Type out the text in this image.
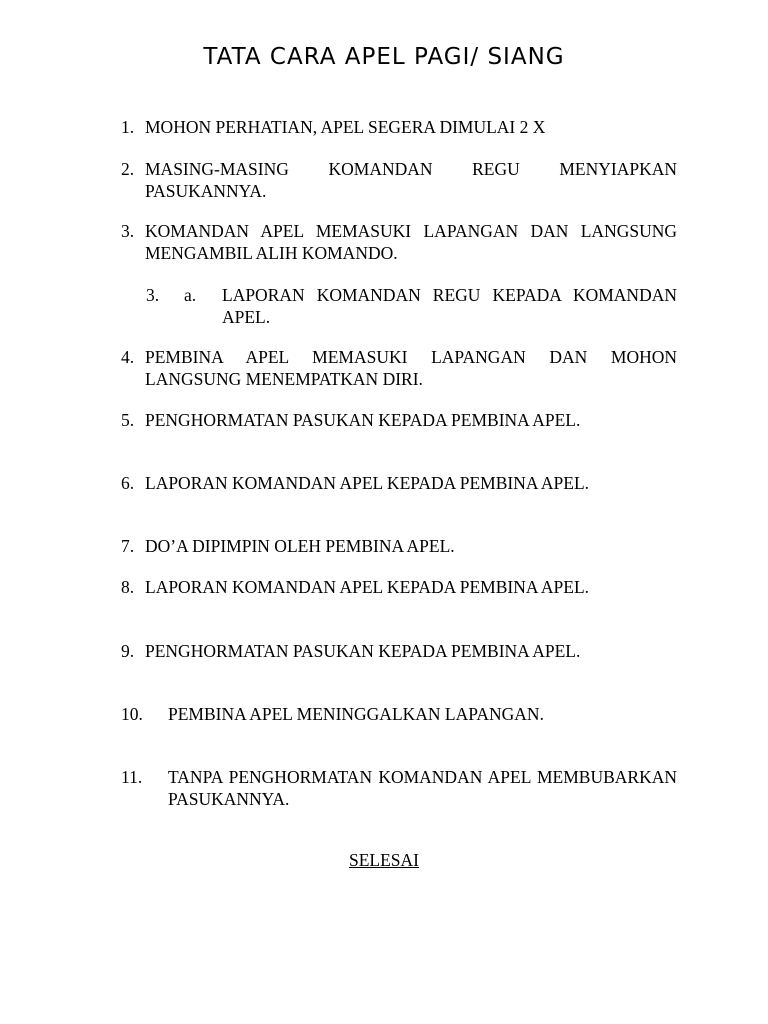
TATA CARA APEL PAGI/ SIANG
1. MOHON PERHATIAN, APEL SEGERA DIMULAI 2 X
2. MASING-MASING KOMANDAN REGU MENYIAPKAN PASUKANNYA.
3. KOMANDAN APEL MEMASUKI LAPANGAN DAN LANGSUNG MENGAMBIL ALIH KOMANDO.
3. a. LAPORAN KOMANDAN REGU KEPADA KOMANDAN APEL.
4. PEMBINA APEL MEMASUKI LAPANGAN DAN MOHON LANGSUNG MENEMPATKAN DIRI.
5. PENGHORMATAN PASUKAN KEPADA PEMBINA APEL.
6. LAPORAN KOMANDAN APEL KEPADA PEMBINA APEL.
7. DO’A DIPIMPIN OLEH PEMBINA APEL.
8. LAPORAN KOMANDAN APEL KEPADA PEMBINA APEL.
9. PENGHORMATAN PASUKAN KEPADA PEMBINA APEL.
10. PEMBINA APEL MENINGGALKAN LAPANGAN.
11. TANPA PENGHORMATAN KOMANDAN APEL MEMBUBARKAN PASUKANNYA.
SELESAI
